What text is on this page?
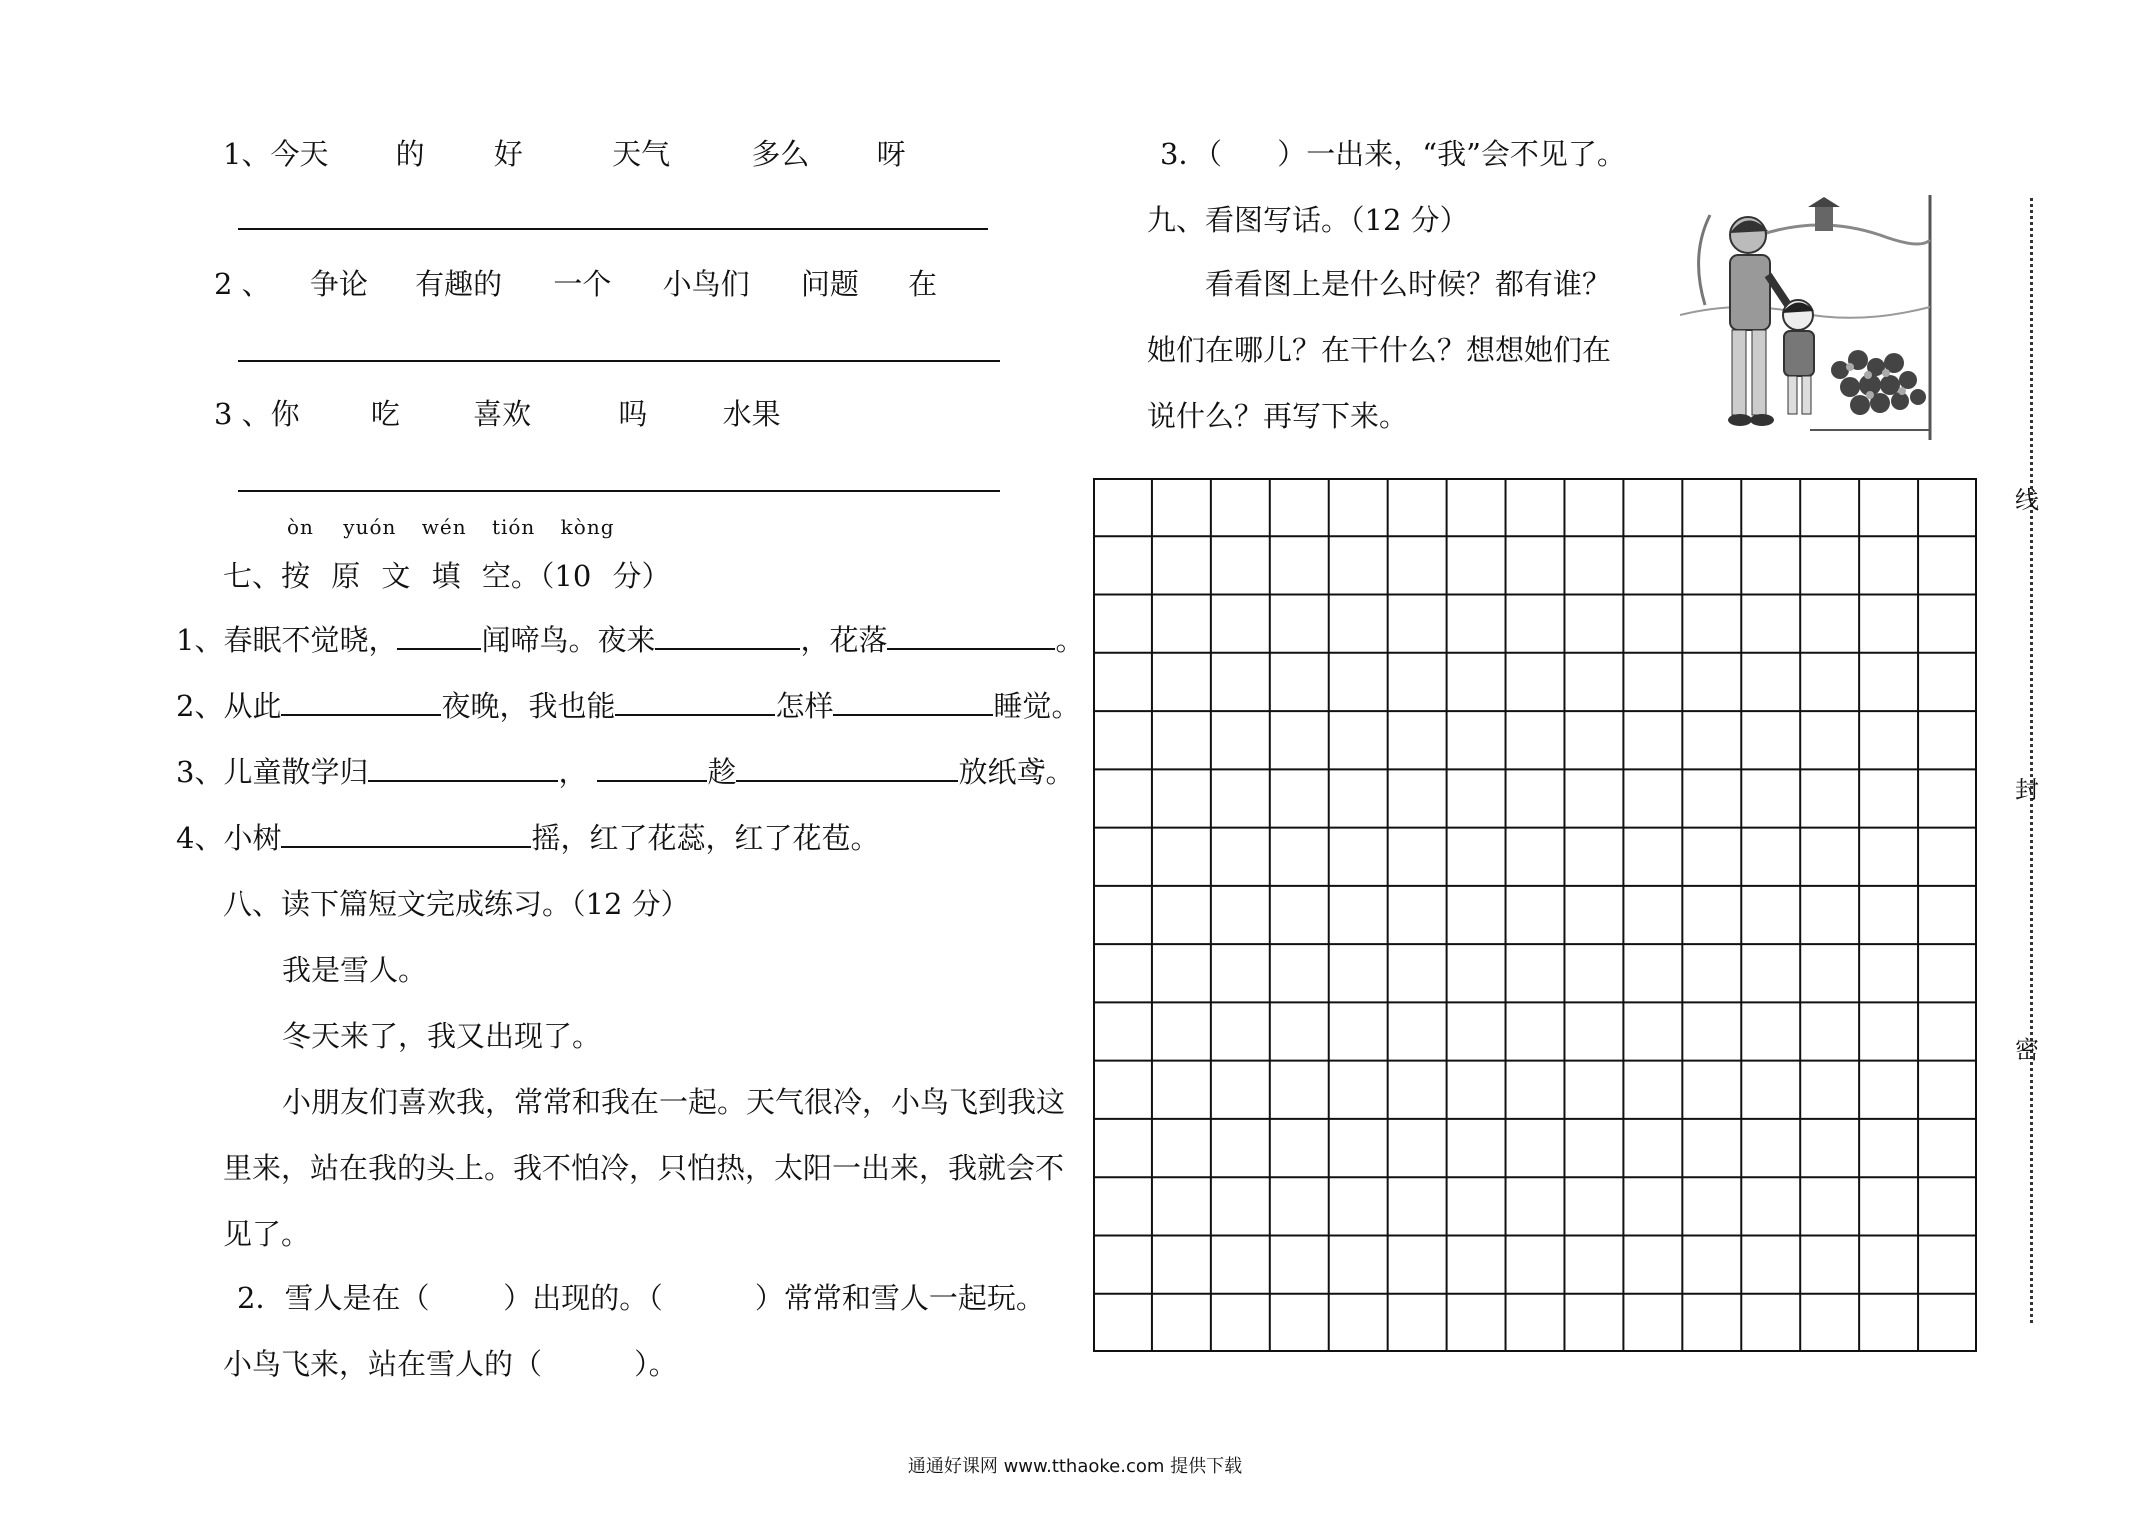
1、今天 的 好	天气	多么 呀
2 、 争论 有趣的 一个 小鸟们 问题 在
3 、你 吃	喜欢	吗	水果
òn yuón wén tión kòng
七、按 原 文 填 空。（10 分）
1、春眠不觉晓，	闻啼鸟。夜来	，花落	。
2、从此	夜晚，我也能	怎样	睡觉。
3、儿童散学归	，	趁	放纸鸢。
4、小树	摇，红了花蕊，红了花苞。
八、读下篇短文完成练习。（12 分）
我是雪人。
冬天来了，我又出现了。
小朋友们喜欢我，常常和我在一起。天气很冷，小鸟飞到我这
里来，站在我的头上。我不怕冷，只怕热，太阳一出来，我就会不
见了。
2．雪人是在（        ）出现的。（          ）常常和雪人一起玩。
小鸟飞来，站在雪人的（          ）。
3．（      ）一出来，“我”会不见了。
九、看图写话。（12 分）
看看图上是什么时候？都有谁？
她们在哪儿？在干什么？想想她们在
说什么？再写下来。
线
封
密
通通好课网 www.tthaoke.com 提供下载
